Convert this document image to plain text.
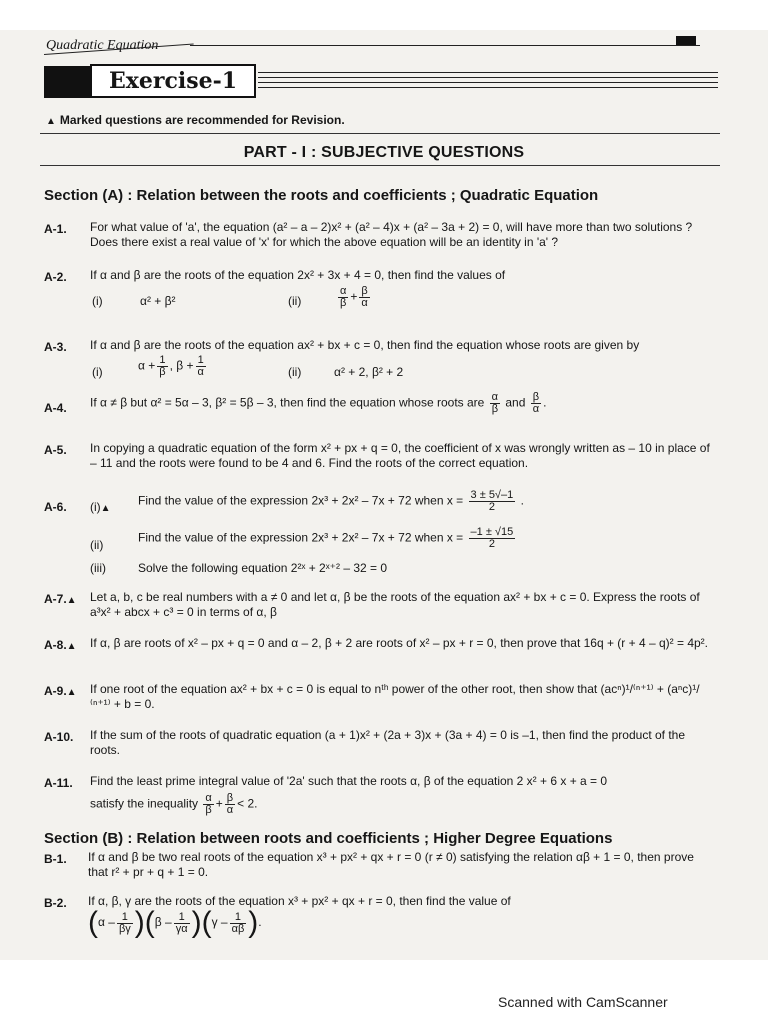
Quadratic Equation
Exercise-1
▲ Marked questions are recommended for Revision.
PART - I : SUBJECTIVE QUESTIONS
Section (A) : Relation between the roots and coefficients ; Quadratic Equation
A-1. For what value of 'a', the equation (a² – a – 2)x² + (a² – 4)x + (a² – 3a + 2) = 0, will have more than two solutions ? Does there exist a real value of 'x' for which the above equation will be an identity in 'a' ?
A-2. If α and β are the roots of the equation 2x² + 3x + 4 = 0, then find the values of
(i)	α² + β²	(ii)	$\frac{\alpha}{\beta} + \frac{\beta}{\alpha}$
A-3. If α and β are the roots of the equation ax² + bx + c = 0, then find the equation whose roots are given by
(i)	$\alpha + \frac{1}{\beta}$ , $\beta + \frac{1}{\alpha}$	(ii)	α² + 2, β² + 2
A-4. If α ≠ β but α² = 5α – 3, β² = 5β – 3, then find the equation whose roots are $\frac{\alpha}{\beta}$ and $\frac{\beta}{\alpha}$ .
A-5. In copying a quadratic equation of the form x² + px + q = 0, the coefficient of x was wrongly written as – 10 in place of – 11 and the roots were found to be 4 and 6. Find the roots of the correct equation.
A-6. (i)▲
Find the value of the expression 2x³ + 2x² – 7x + 72 when $x = \frac{3 \pm 5√-1}{2}$ .
(ii)
Find the value of the expression 2x³ + 2x² – 7x + 72 when $x = \frac{-1 \pm √15}{2}$
(iii)	Solve the following equation 2²ˣ + 2ˣ⁺² – 32 = 0
A-7.▲ Let a, b, c be real numbers with a ≠ 0 and let α, β be the roots of the equation ax² + bx + c = 0. Express the roots of a³x² + abcx + c³ = 0 in terms of α, β
A-8.▲ If α, β are roots of x² – px + q = 0 and α – 2, β + 2 are roots of x² – px + r = 0, then prove that 16q + (r + 4 – q)² = 4p².
A-9.▲ If one root of the equation ax² + bx + c = 0 is equal to nᵗʰ power of the other root, then show that (acⁿ)¹/⁽ⁿ⁺¹⁾ + (aⁿc)¹/⁽ⁿ⁺¹⁾ + b = 0.
A-10. If the sum of the roots of quadratic equation (a + 1)x² + (2a + 3)x + (3a + 4) = 0 is –1, then find the product of the roots.
A-11. Find the least prime integral value of '2a' such that the roots α, β of the equation 2 x² + 6 x + a = 0
satisfy the inequality $\frac{\alpha}{\beta} + \frac{\beta}{\alpha} < 2$.
Section (B) : Relation between roots and coefficients ; Higher Degree Equations
B-1. If α and β be two real roots of the equation x³ + px² + qx + r = 0 (r ≠ 0) satisfying the relation αβ + 1 = 0, then prove that r² + pr + q + 1 = 0.
B-2. If α, β, γ are the roots of the equation x³ + px² + qx + r = 0, then find the value of
$(\alpha - \frac{1}{\beta\gamma} )(\beta - \frac{1}{\gamma\alpha} )(\gamma - \frac{1}{\alpha\beta}$ ).
Scanned with CamScanner
